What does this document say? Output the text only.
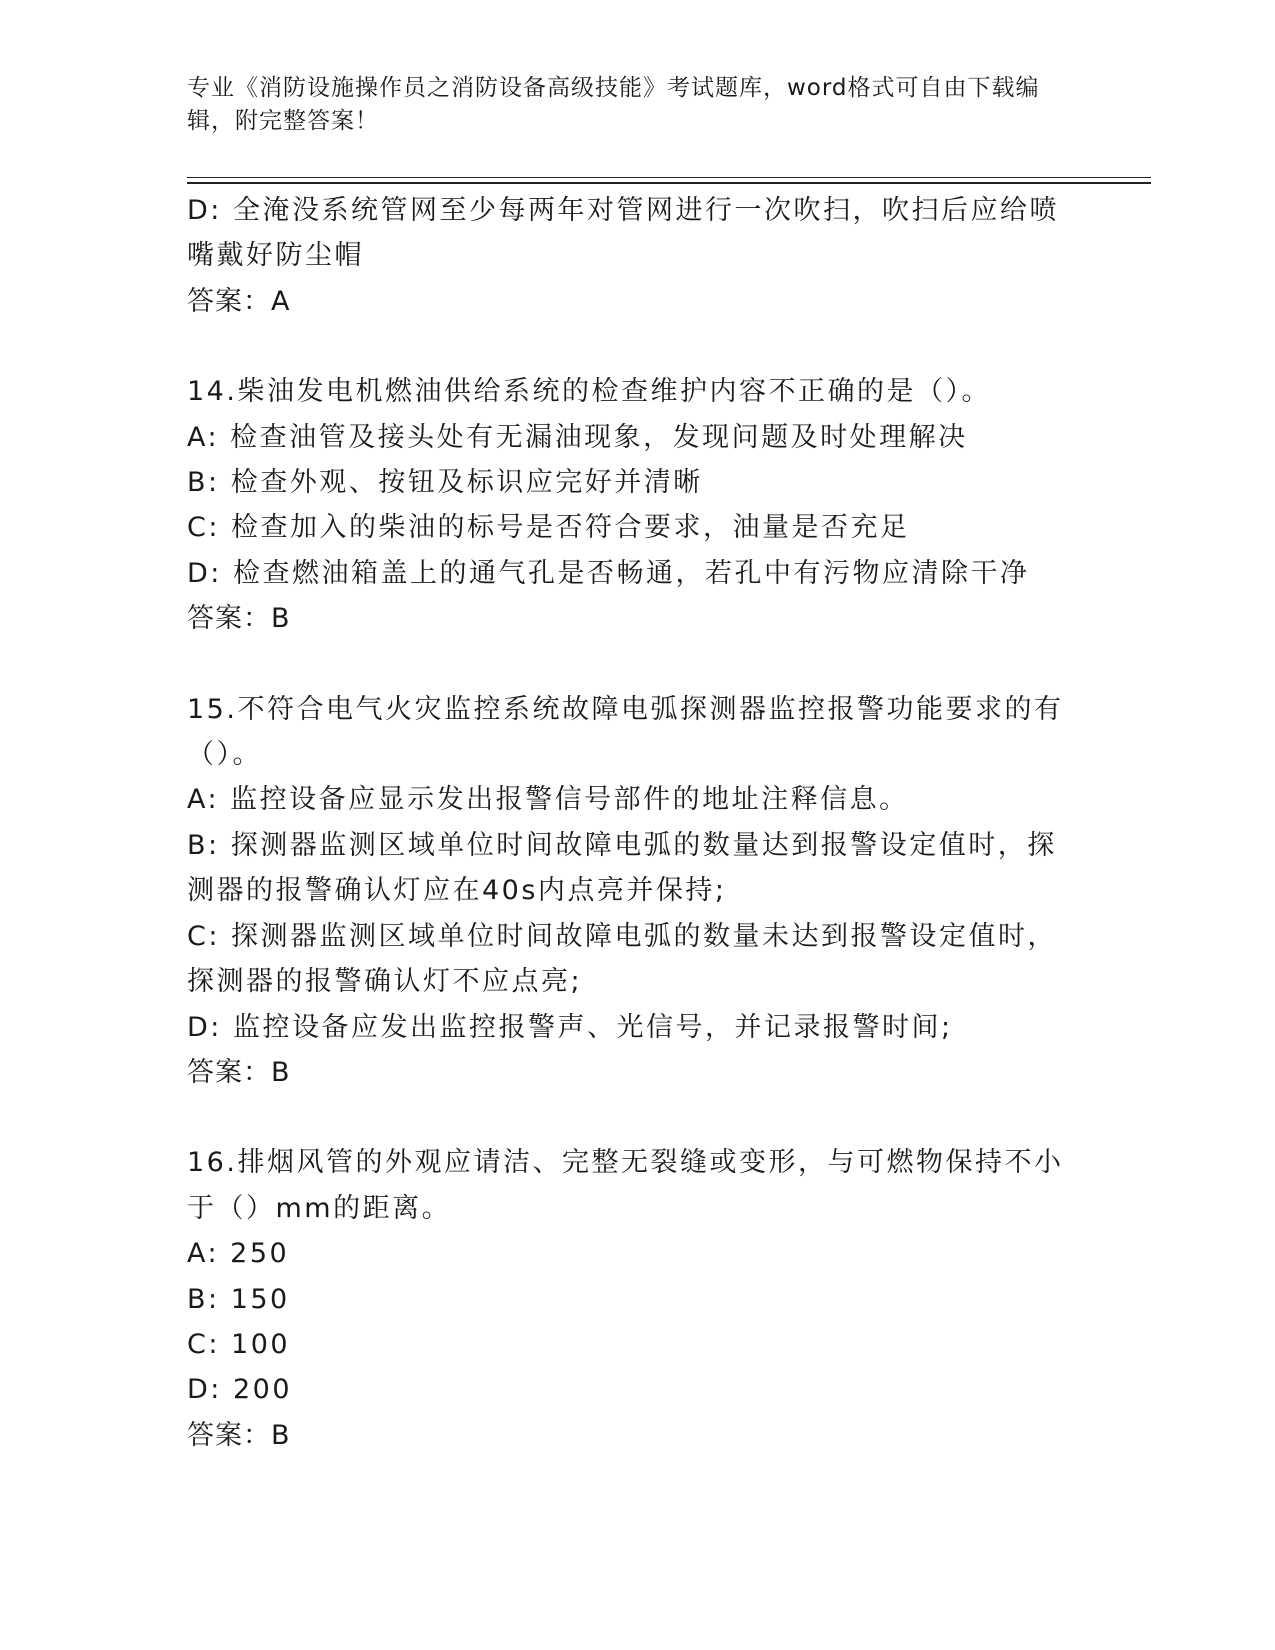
专业《消防设施操作员之消防设备高级技能》考试题库，word格式可自由下载编辑，附完整答案！
D: 全淹没系统管网至少每两年对管网进行一次吹扫，吹扫后应给喷嘴戴好防尘帽
答案：A
14.柴油发电机燃油供给系统的检查维护内容不正确的是（）。
A: 检查油管及接头处有无漏油现象，发现问题及时处理解决
B: 检查外观、按钮及标识应完好并清晰
C: 检查加入的柴油的标号是否符合要求，油量是否充足
D: 检查燃油箱盖上的通气孔是否畅通，若孔中有污物应清除干净
答案：B
15.不符合电气火灾监控系统故障电弧探测器监控报警功能要求的有（）。
A: 监控设备应显示发出报警信号部件的地址注释信息。
B: 探测器监测区域单位时间故障电弧的数量达到报警设定值时，探测器的报警确认灯应在40s内点亮并保持;
C: 探测器监测区域单位时间故障电弧的数量未达到报警设定值时，探测器的报警确认灯不应点亮;
D: 监控设备应发出监控报警声、光信号，并记录报警时间;
答案：B
16.排烟风管的外观应请洁、完整无裂缝或变形，与可燃物保持不小于（）mm的距离。
A: 250
B: 150
C: 100
D: 200
答案：B
